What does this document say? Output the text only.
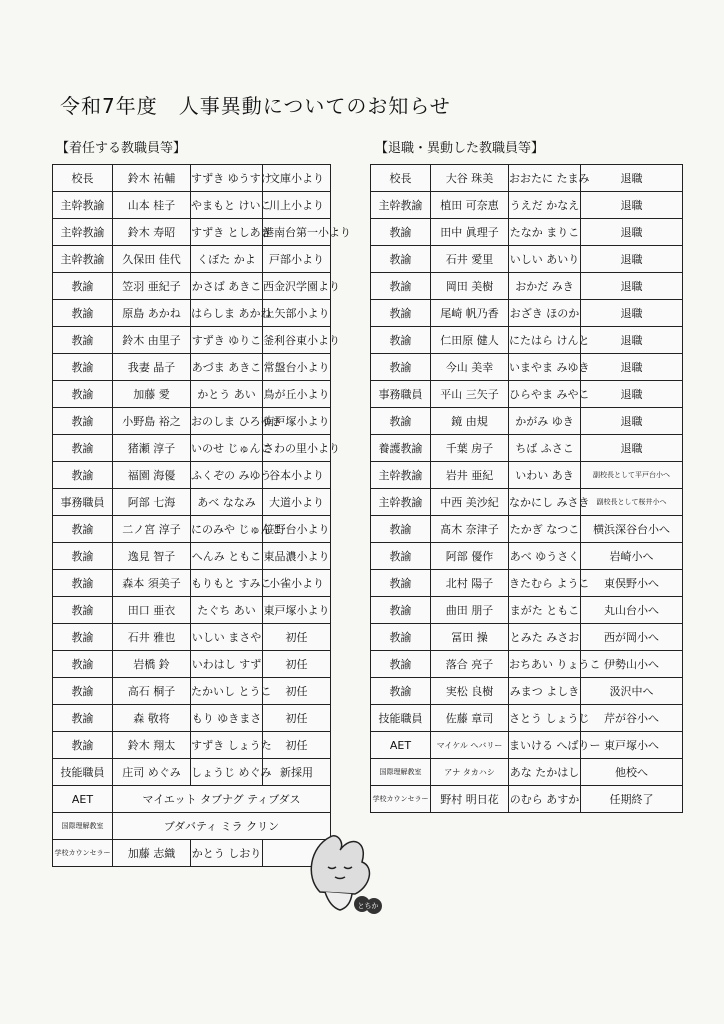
令和7年度　人事異動についてのお知らせ
【着任する教職員等】	【退職・異動した教職員等】
校長	鈴木 祐輔	すずき ゆうすけ	文庫小より
主幹教諭	山本 桂子	やまもと けいこ	川上小より
主幹教諭	鈴木 寿昭	すずき としあき	港南台第一小より
主幹教諭	久保田 佳代	くぼた かよ	戸部小より
教諭	笠羽 亜紀子	かさば あきこ	西金沢学園より
教諭	原島 あかね	はらしま あかね	上矢部小より
教諭	鈴木 由里子	すずき ゆりこ	釜利谷東小より
教諭	我妻 晶子	あづま あきこ	常盤台小より
教諭	加藤 愛	かとう あい	鳥が丘小より
教諭	小野島 裕之	おのしま ひろゆき	南戸塚小より
教諭	猪瀬 淳子	いのせ じゅんこ	さわの里小より
教諭	福園 海優	ふくぞの みゆう	谷本小より
事務職員	阿部 七海	あべ ななみ	大道小より
教諭	二ノ宮 淳子	にのみや じゅんこ	笹野台小より
教諭	逸見 智子	へんみ ともこ	東品濃小より
教諭	森本 須美子	もりもと すみこ	小雀小より
教諭	田口 亜衣	たぐち あい	東戸塚小より
教諭	石井 雅也	いしい まさや	初任
教諭	岩橋 鈴	いわはし すず	初任
教諭	高石 桐子	たかいし とうこ	初任
教諭	森 敬将	もり ゆきまさ	初任
教諭	鈴木 翔太	すずき しょうた	初任
技能職員	庄司 めぐみ	しょうじ めぐみ	新採用
AET	マイエット タブナグ ティブダス		
国際理解教室	ブダバティ ミラ クリン		
学校カウンセラー	加藤 志織	かとう しおり	
校長	大谷 珠美	おおたに たまみ	退職
主幹教諭	植田 可奈恵	うえだ かなえ	退職
教諭	田中 眞理子	たなか まりこ	退職
教諭	石井 愛里	いしい あいり	退職
教諭	岡田 美樹	おかだ みき	退職
教諭	尾崎 帆乃香	おざき ほのか	退職
教諭	仁田原 健人	にたはら けんと	退職
教諭	今山 美幸	いまやま みゆき	退職
事務職員	平山 三矢子	ひらやま みやこ	退職
教諭	鏡 由規	かがみ ゆき	退職
養護教諭	千葉 房子	ちば ふさこ	退職
主幹教諭	岩井 亜紀	いわい あき	副校長として平戸台小へ
主幹教諭	中西 美沙紀	なかにし みさき	副校長として桜井小へ
教諭	髙木 奈津子	たかぎ なつこ	横浜深谷台小へ
教諭	阿部 優作	あべ ゆうさく	岩崎小へ
教諭	北村 陽子	きたむら ようこ	東俣野小へ
教諭	曲田 朋子	まがた ともこ	丸山台小へ
教諭	冨田 操	とみた みさお	西が岡小へ
教諭	落合 亮子	おちあい りょうこ	伊勢山小へ
教諭	実松 良樹	みまつ よしき	汲沢中へ
技能職員	佐藤 章司	さとう しょうじ	芹が谷小へ
AET	マイケル ヘバリー	まいける へばりー	東戸塚小へ
国際理解教室	アナ タカハシ	あな たかはし	他校へ
学校カウンセラー	野村 明日花	のむら あすか	任期終了
とちか
